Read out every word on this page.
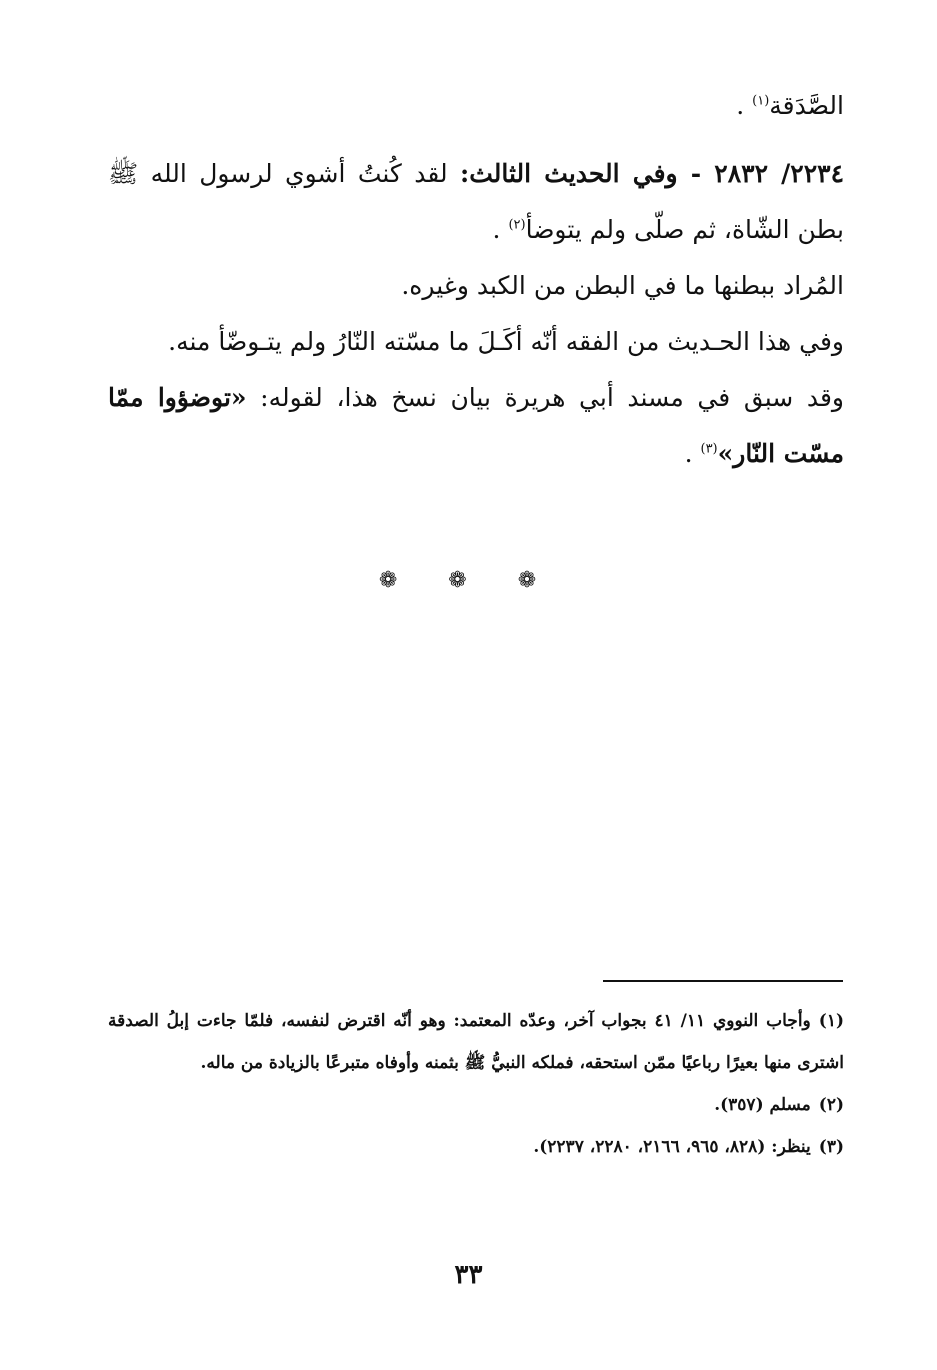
الصَّدَقة$^{(١)}$ .

٢٢٣٤/ ٢٨٣٢ - وفي الحديث الثالث: لقد كُنتُ أشوي لرسول الله ﷺ بطن الشّاة، ثم صلّى ولم يتوضأ$^{(٢)}$ .

المُراد ببطنها ما في البطن من الكبد وغيره.

وفي هذا الحـديث من الفقه أنّه أكَـلَ ما مسّته النّارُ ولم يتـوضّأ منه.

وقد سبق في مسند أبي هريرة بيان نسخ هذا، لقوله: «توضؤوا ممّا مسّت النّار»$^{(٣)}$ .

❁ ❁ ❁

(١)وأجاب النووي ١١/ ٤١ بجواب آخر، وعدّه المعتمد: وهو أنّه اقترض لنفسه، فلمّا جاءت إبلُ الصدقة اشترى منها بعيرًا رباعيًا ممّن استحقه، فملكه النبيُّ ﷺ بثمنه وأوفاه متبرعًا بالزيادة من ماله.

(٢)مسلم (٣٥٧).

(٣)ينظر: (٨٢٨، ٩٦٥، ٢١٦٦، ٢٢٨٠، ٢٢٣٧).

٣٣
